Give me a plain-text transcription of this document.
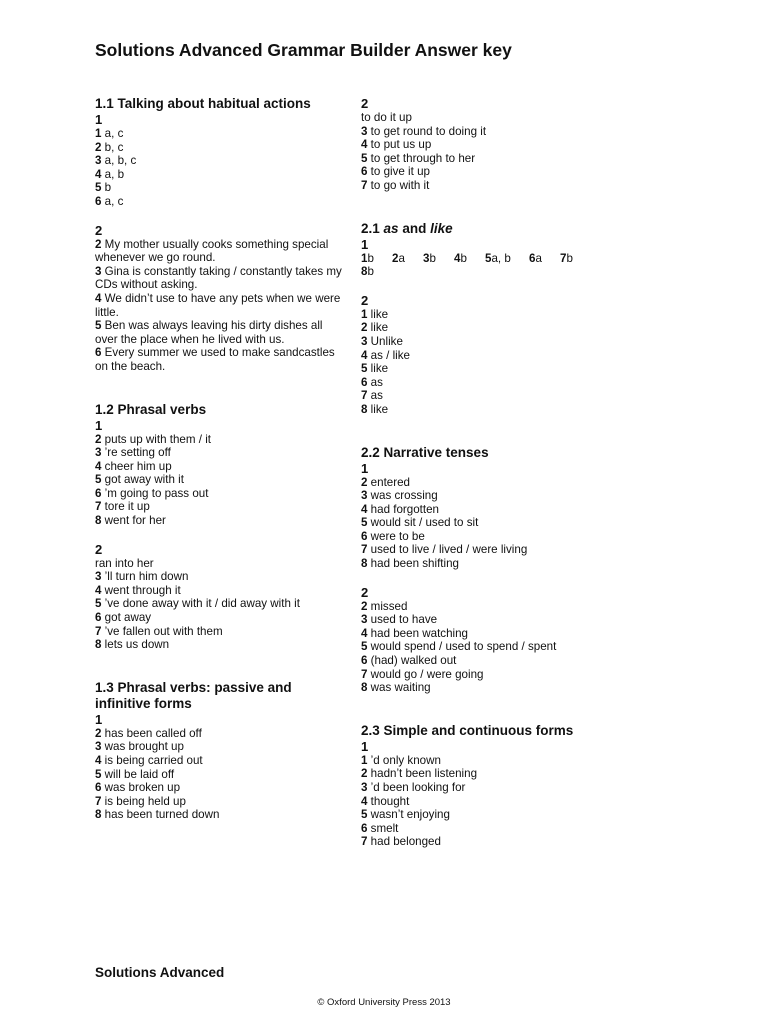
Solutions Advanced Grammar Builder Answer key
1.1 Talking about habitual actions
1
1 a, c
2 b, c
3 a, b, c
4 a, b
5 b
6 a, c
2
2 My mother usually cooks something special whenever we go round.
3 Gina is constantly taking / constantly takes my CDs without asking.
4 We didn’t use to have any pets when we were little.
5 Ben was always leaving his dirty dishes all over the place when he lived with us.
6 Every summer we used to make sandcastles on the beach.
1.2 Phrasal verbs
1
2 puts up with them / it
3 ’re setting off
4 cheer him up
5 got away with it
6 ’m going to pass out
7 tore it up
8 went for her
2
ran into her
3 ’ll turn him down
4 went through it
5 ’ve done away with it / did away with it
6 got away
7 ’ve fallen out with them
8 lets us down
1.3 Phrasal verbs: passive and infinitive forms
1
2 has been called off
3 was brought up
4 is being carried out
5 will be laid off
6 was broken up
7 is being held up
8 has been turned down
2
to do it up
3 to get round to doing it
4 to put us up
5 to get through to her
6 to give it up
7 to go with it
2.1 as and like
1
1b	2a	3b	4b	5a, b	6a	7b
8b
2
1 like
2 like
3 Unlike
4 as / like
5 like
6 as
7 as
8 like
2.2 Narrative tenses
1
2 entered
3 was crossing
4 had forgotten
5 would sit / used to sit
6 were to be
7 used to live / lived / were living
8 had been shifting
2
2 missed
3 used to have
4 had been watching
5 would spend / used to spend / spent
6 (had) walked out
7 would go / were going
8 was waiting
2.3 Simple and continuous forms
1
1 ’d only known
2 hadn’t been listening
3 ’d been looking for
4 thought
5 wasn’t enjoying
6 smelt
7 had belonged
Solutions Advanced
© Oxford University Press 2013
